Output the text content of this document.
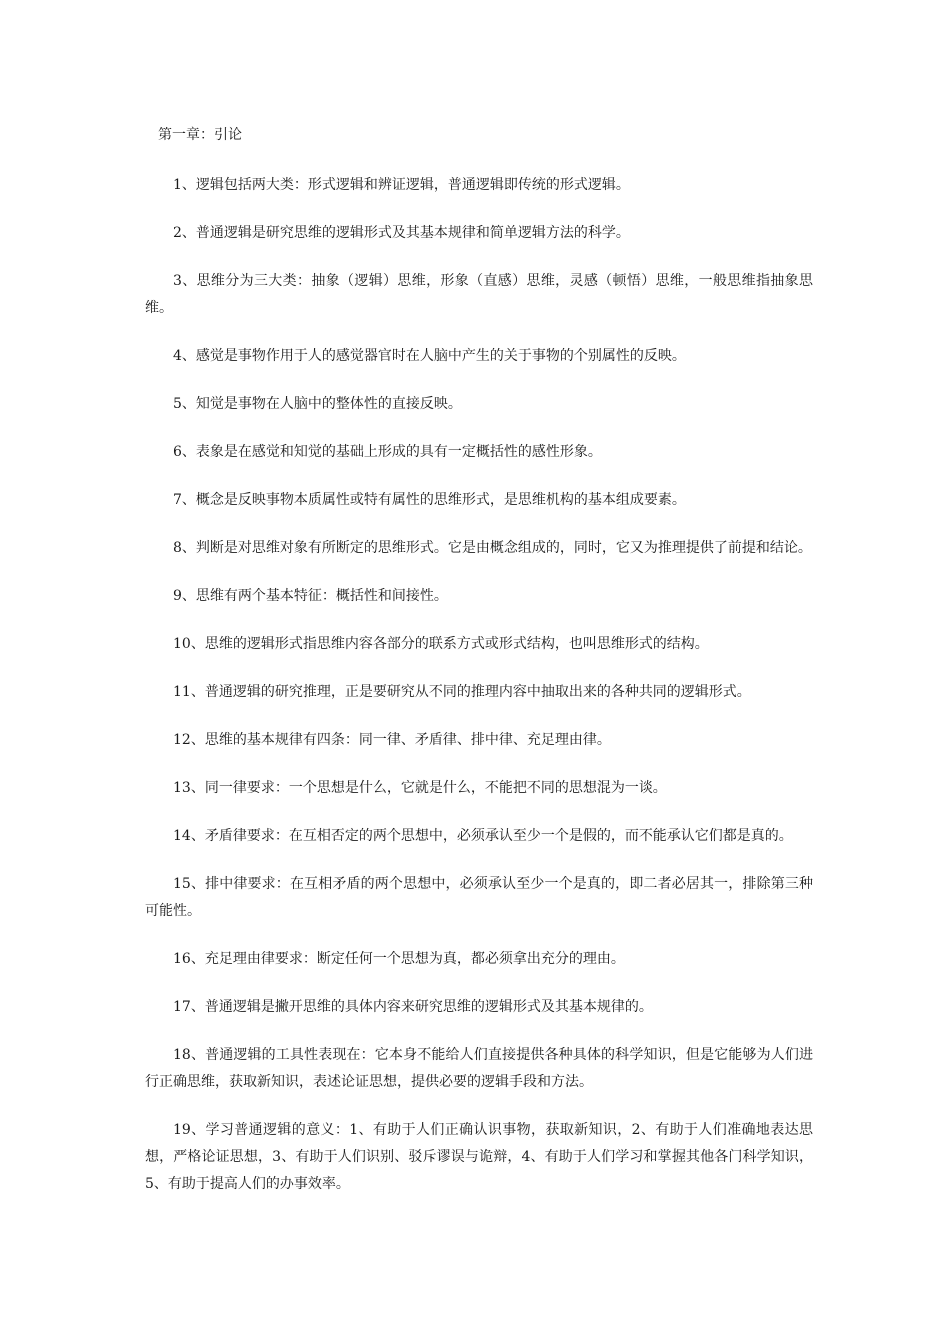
第一章：引论

1、逻辑包括两大类：形式逻辑和辨证逻辑，普通逻辑即传统的形式逻辑。

2、普通逻辑是研究思维的逻辑形式及其基本规律和简单逻辑方法的科学。

3、思维分为三大类：抽象（逻辑）思维，形象（直感）思维，灵感（顿悟）思维，一般思维指抽象思维。

4、感觉是事物作用于人的感觉器官时在人脑中产生的关于事物的个别属性的反映。

5、知觉是事物在人脑中的整体性的直接反映。

6、表象是在感觉和知觉的基础上形成的具有一定概括性的感性形象。

7、概念是反映事物本质属性或特有属性的思维形式，是思维机构的基本组成要素。

8、判断是对思维对象有所断定的思维形式。它是由概念组成的，同时，它又为推理提供了前提和结论。

9、思维有两个基本特征：概括性和间接性。

10、思维的逻辑形式指思维内容各部分的联系方式或形式结构，也叫思维形式的结构。

11、普通逻辑的研究推理，正是要研究从不同的推理内容中抽取出来的各种共同的逻辑形式。

12、思维的基本规律有四条：同一律、矛盾律、排中律、充足理由律。

13、同一律要求：一个思想是什么，它就是什么，不能把不同的思想混为一谈。

14、矛盾律要求：在互相否定的两个思想中，必须承认至少一个是假的，而不能承认它们都是真的。

15、排中律要求：在互相矛盾的两个思想中，必须承认至少一个是真的，即二者必居其一，排除第三种可能性。

16、充足理由律要求：断定任何一个思想为真，都必须拿出充分的理由。

17、普通逻辑是撇开思维的具体内容来研究思维的逻辑形式及其基本规律的。

18、普通逻辑的工具性表现在：它本身不能给人们直接提供各种具体的科学知识，但是它能够为人们进行正确思维，获取新知识，表述论证思想，提供必要的逻辑手段和方法。

19、学习普通逻辑的意义：1、有助于人们正确认识事物，获取新知识，2、有助于人们准确地表达思想，严格论证思想，3、有助于人们识别、驳斥谬误与诡辩，4、有助于人们学习和掌握其他各门科学知识，5、有助于提高人们的办事效率。
